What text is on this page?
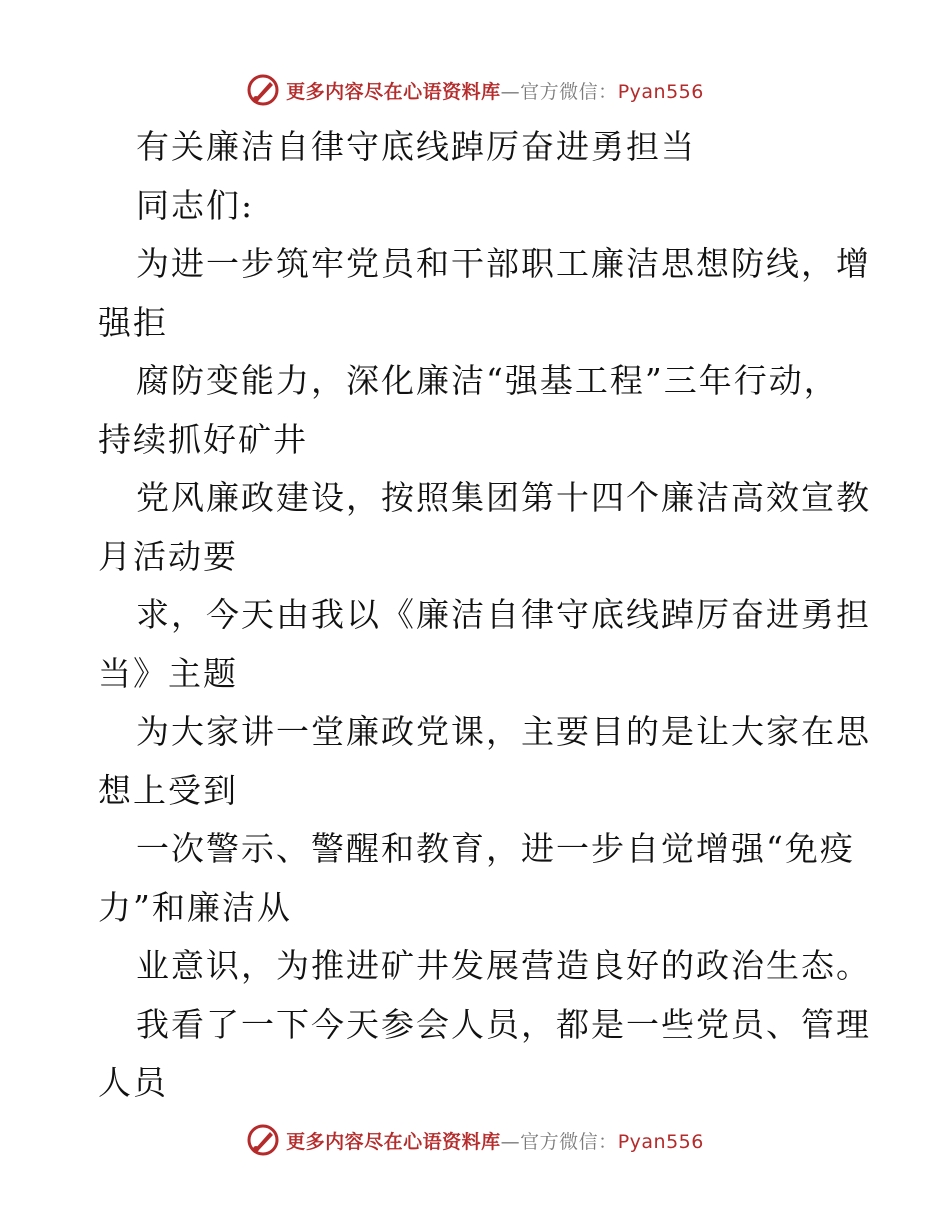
更多内容尽在心语资料库—官方微信：Pyan556
有关廉洁自律守底线踔厉奋进勇担当
同志们:
为进一步筑牢党员和干部职工廉洁思想防线，增
强拒
腐防变能力，深化廉洁“强基工程”三年行动，
持续抓好矿井
党风廉政建设，按照集团第十四个廉洁高效宣教
月活动要
求，今天由我以《廉洁自律守底线踔厉奋进勇担
当》主题
为大家讲一堂廉政党课，主要目的是让大家在思
想上受到
一次警示、警醒和教育，进一步自觉增强“免疫
力”和廉洁从
业意识，为推进矿井发展营造良好的政治生态。
我看了一下今天参会人员，都是一些党员、管理
人员
更多内容尽在心语资料库—官方微信：Pyan556
